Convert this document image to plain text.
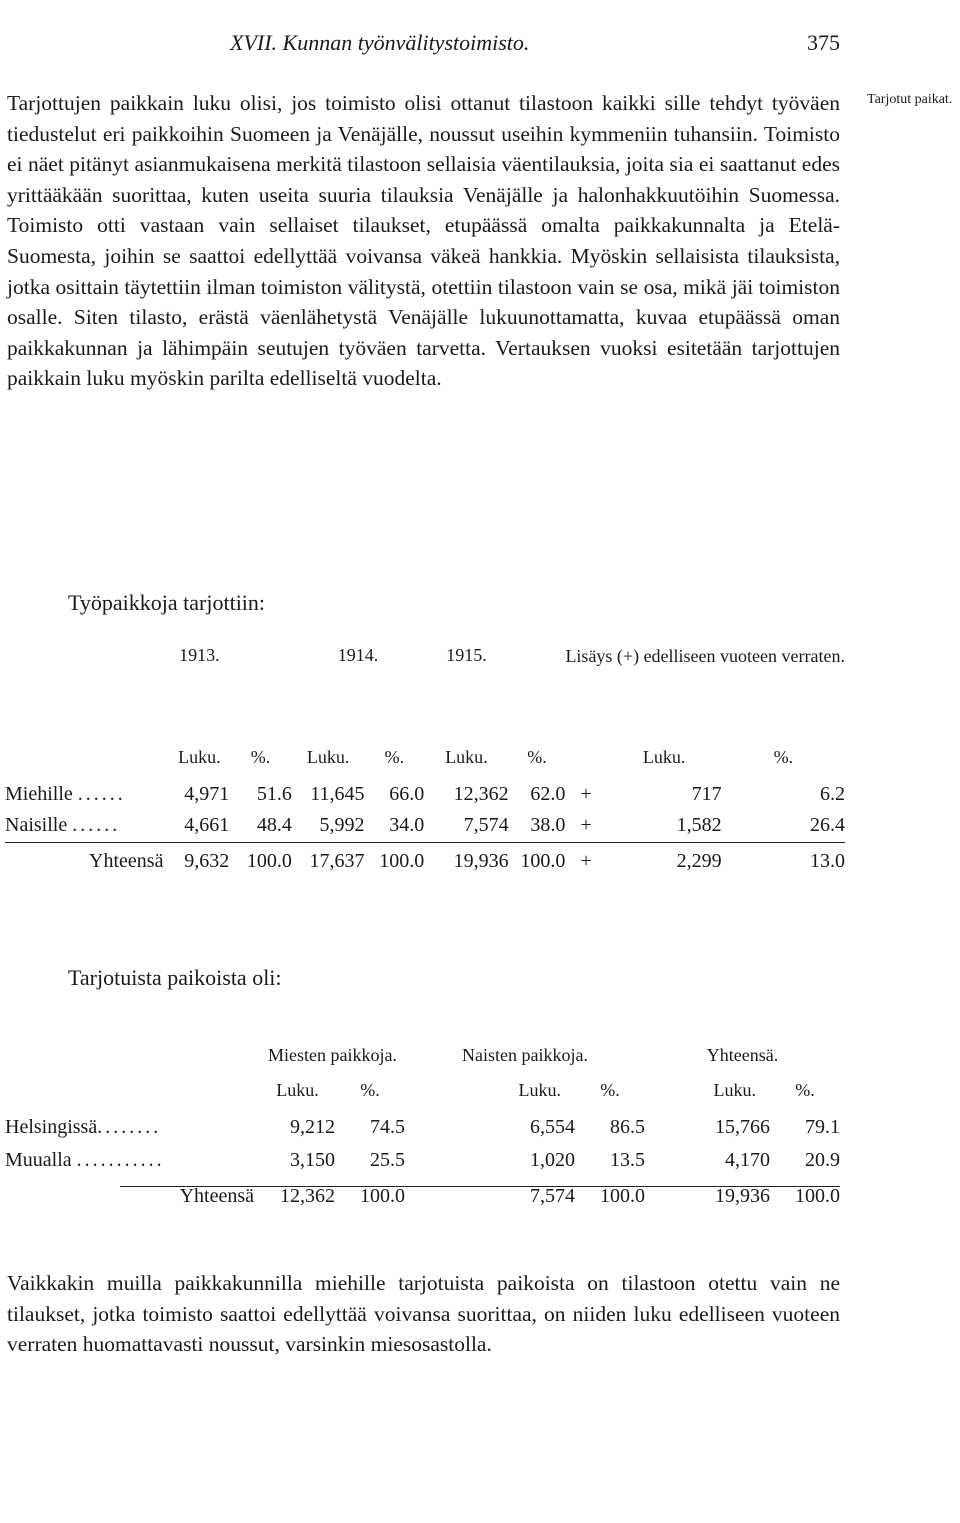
XVII. Kunnan työnvälitystoimisto.	375
Tarjotut paikat.
Tarjottujen paikkain luku olisi, jos toimisto olisi ottanut tilastoon kaikki sille tehdyt työväen tiedustelut eri paikkoihin Suomeen ja Venäjälle, noussut useihin kymmeniin tuhansiin. Toimisto ei näet pitänyt asianmukaisena merkitä tilastoon sellaisia väentilauksia, joita sia ei saattanut edes yrittääkään suorittaa, kuten useita suuria tilauksia Venäjälle ja halonhakkuutöihin Suomessa. Toimisto otti vastaan vain sellaiset tilaukset, etupäässä omalta paikkakunnalta ja Etelä-Suomesta, joihin se saattoi edellyttää voivansa väkeä hankkia. Myöskin sellaisista tilauksista, jotka osittain täytettiin ilman toimiston välitystä, otettiin tilastoon vain se osa, mikä jäi toimiston osalle. Siten tilasto, erästä väenlähetystä Venäjälle lukuunottamatta, kuvaa etupäässä oman paikkakunnan ja lähimpäin seutujen työväen tarvetta. Vertauksen vuoksi esitetään tarjottujen paikkain luku myöskin parilta edelliseltä vuodelta.
Työpaikkoja tarjottiin:
	1913.		1914.		1915.		Lisäys (+) edelliseen vuoteen verraten.		

	Luku.	%.	Luku.	%.	Luku.	%.		Luku.	%.
Miehille ......	4,971	51.6	11,645	66.0	12,362	62.0	+	717	6.2
Naisille ......	4,661	48.4	5,992	34.0	7,574	38.0	+	1,582	26.4
Yhteensä	9,632	100.0	17,637	100.0	19,936	100.0	+	2,299	13.0
Tarjotuista paikoista oli:
	Miesten paikkoja.		Naisten paikkoja.		Yhteensä.	
	Luku.	%.	Luku.	%.	Luku.	%.
Helsingissä........	9,212	74.5	6,554	86.5	15,766	79.1
Muualla ...........	3,150	25.5	1,020	13.5	4,170	20.9
Yhteensä	12,362	100.0	7,574	100.0	19,936	100.0
Vaikkakin muilla paikkakunnilla miehille tarjotuista paikoista on tilastoon otettu vain ne tilaukset, jotka toimisto saattoi edellyttää voivansa suorittaa, on niiden luku edelliseen vuoteen verraten huomattavasti noussut, varsinkin miesosastolla.
